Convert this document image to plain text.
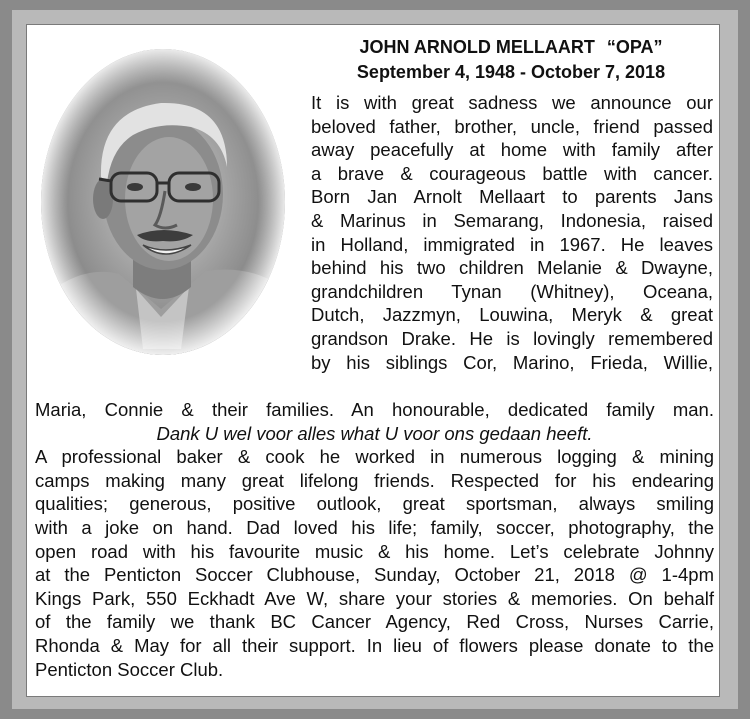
JOHN ARNOLD MELLAART “OPA”
September 4, 1948 - October 7, 2018
It is with great sadness we announce our
beloved father, brother, uncle, friend passed
away peacefully at home with family after
a brave & courageous battle with cancer.
Born Jan Arnolt Mellaart to parents Jans
& Marinus in Semarang, Indonesia, raised
in Holland, immigrated in 1967. He leaves
behind his two children Melanie & Dwayne,
grandchildren Tynan (Whitney), Oceana,
Dutch, Jazzmyn, Louwina, Meryk & great
grandson Drake. He is lovingly remembered
by his siblings Cor, Marino, Frieda, Willie,
Maria, Connie & their families. An honourable, dedicated family man.
Dank U wel voor alles what U voor ons gedaan heeft.
A professional baker & cook he worked in numerous logging & mining
camps making many great lifelong friends. Respected for his endearing
qualities; generous, positive outlook, great sportsman, always smiling
with a joke on hand. Dad loved his life; family, soccer, photography, the
open road with his favourite music & his home. Let’s celebrate Johnny
at the Penticton Soccer Clubhouse, Sunday, October 21, 2018 @ 1-4pm
Kings Park, 550 Eckhadt Ave W, share your stories & memories. On behalf
of the family we thank BC Cancer Agency, Red Cross, Nurses Carrie,
Rhonda & May for all their support. In lieu of flowers please donate to the
Penticton Soccer Club.
